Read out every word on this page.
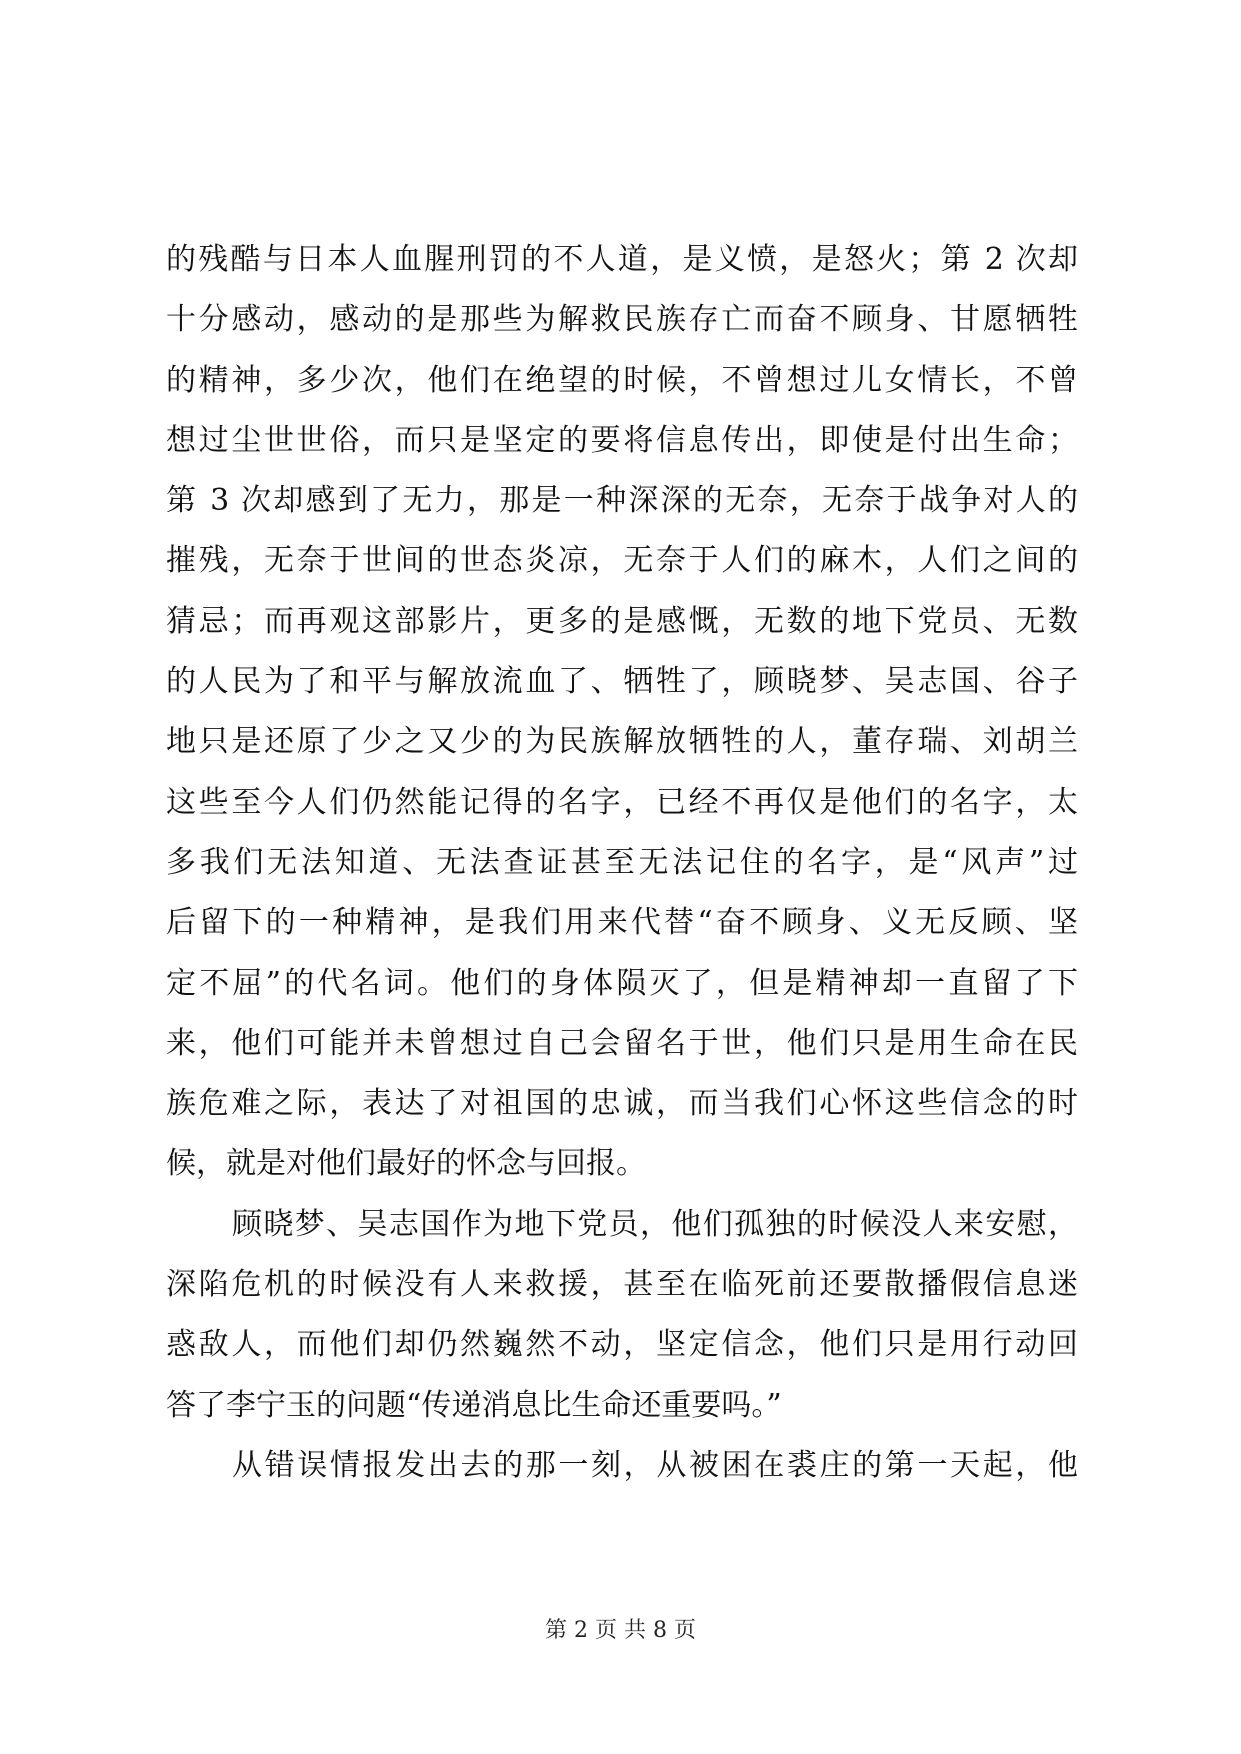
的残酷与日本人血腥刑罚的不人道，是义愤，是怒火；第 2 次却
十分感动，感动的是那些为解救民族存亡而奋不顾身、甘愿牺牲
的精神，多少次，他们在绝望的时候，不曾想过儿女情长，不曾
想过尘世世俗，而只是坚定的要将信息传出，即使是付出生命；
第 3 次却感到了无力，那是一种深深的无奈，无奈于战争对人的
摧残，无奈于世间的世态炎凉，无奈于人们的麻木，人们之间的
猜忌；而再观这部影片，更多的是感慨，无数的地下党员、无数
的人民为了和平与解放流血了、牺牲了，顾晓梦、吴志国、谷子
地只是还原了少之又少的为民族解放牺牲的人，董存瑞、刘胡兰
这些至今人们仍然能记得的名字，已经不再仅是他们的名字，太
多我们无法知道、无法查证甚至无法记住的名字，是“风声”过
后留下的一种精神，是我们用来代替“奋不顾身、义无反顾、坚
定不屈”的代名词。他们的身体陨灭了，但是精神却一直留了下
来，他们可能并未曾想过自己会留名于世，他们只是用生命在民
族危难之际，表达了对祖国的忠诚，而当我们心怀这些信念的时
候，就是对他们最好的怀念与回报。
顾晓梦、吴志国作为地下党员，他们孤独的时候没人来安慰，
深陷危机的时候没有人来救援，甚至在临死前还要散播假信息迷
惑敌人，而他们却仍然巍然不动，坚定信念，他们只是用行动回
答了李宁玉的问题“传递消息比生命还重要吗。”
从错误情报发出去的那一刻，从被困在裘庄的第一天起，他
第 2 页 共 8 页
